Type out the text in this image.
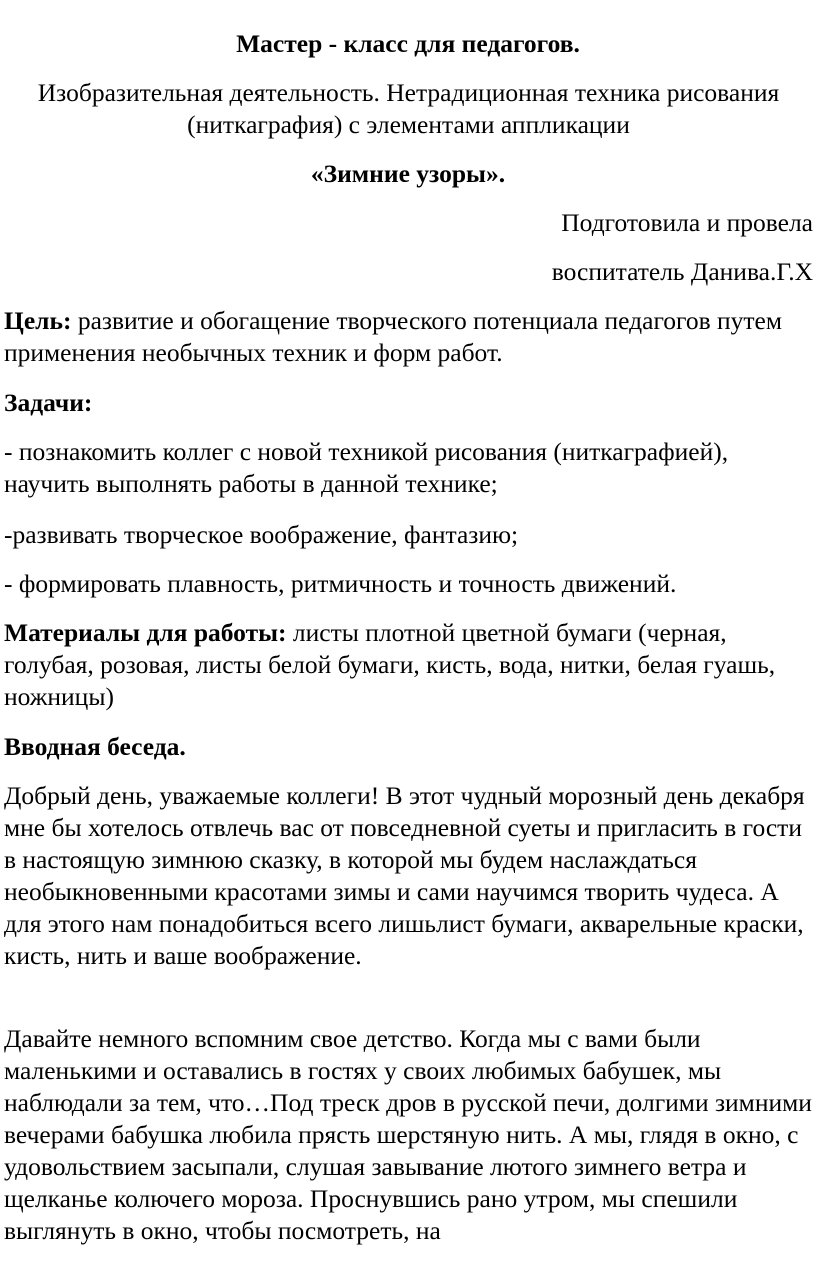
Мастер - класс для педагогов.

Изобразительная деятельность. Нетрадиционная техника рисования (ниткаграфия) с элементами аппликации

«Зимние узоры».

Подготовила и провела

воспитатель Данива.Г.Х

Цель: развитие и обогащение творческого потенциала педагогов путем применения необычных техник и форм работ.

Задачи:

- познакомить коллег с новой техникой рисования (ниткаграфией), научить выполнять работы в данной технике;

-развивать творческое воображение, фантазию;

- формировать плавность, ритмичность и точность движений.

Материалы для работы: листы плотной цветной бумаги (черная, голубая, розовая, листы белой бумаги, кисть, вода, нитки, белая гуашь, ножницы)

Вводная беседа.

Добрый день, уважаемые коллеги! В этот чудный морозный день декабря мне бы хотелось отвлечь вас от повседневной суеты и пригласить в гости в настоящую зимнюю сказку, в которой мы будем наслаждаться необыкновенными красотами зимы и сами научимся творить чудеса. А для этого нам понадобиться всего лишьлист бумаги, акварельные краски, кисть, нить и ваше воображение.

Давайте немного вспомним свое детство. Когда мы с вами были маленькими и оставались в гостях у своих любимых бабушек, мы наблюдали за тем, что…Под треск дров в русской печи, долгими зимними вечерами бабушка любила прясть шерстяную нить. А мы, глядя в окно, с удовольствием засыпали, слушая завывание лютого зимнего ветра и щелканье колючего мороза. Проснувшись рано утром, мы спешили выглянуть в окно, чтобы посмотреть, на
